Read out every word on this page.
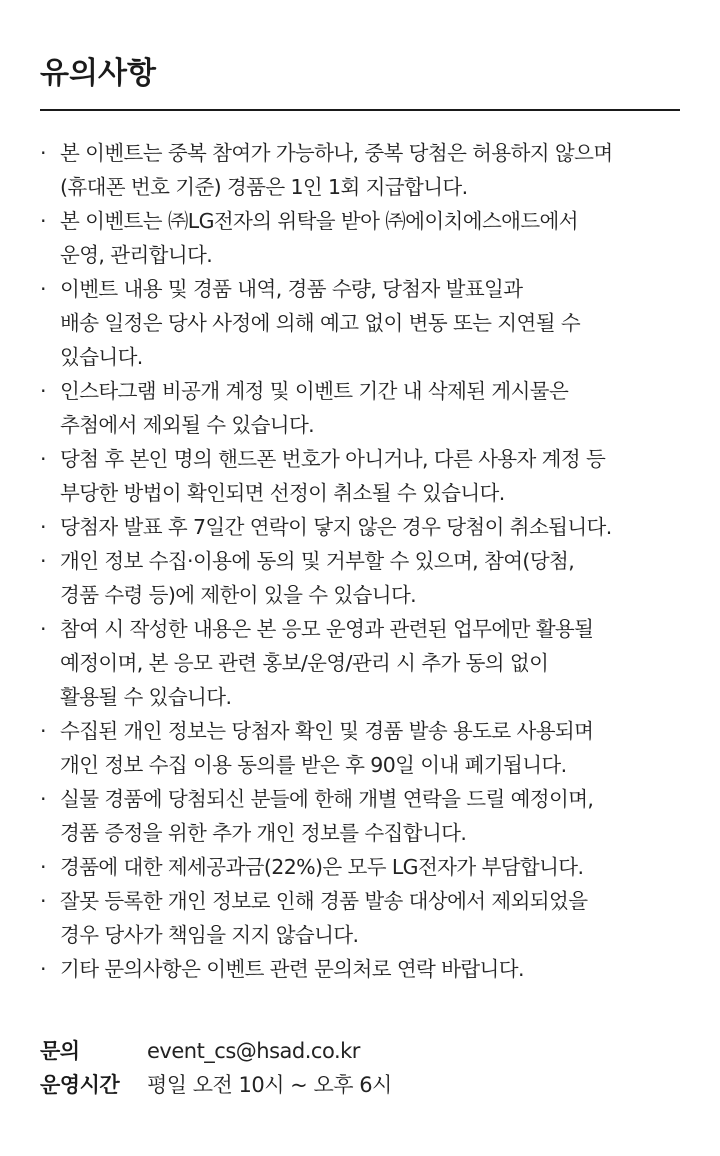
유의사항
· 본 이벤트는 중복 참여가 가능하나, 중복 당첨은 허용하지 않으며
(휴대폰 번호 기준) 경품은 1인 1회 지급합니다.
· 본 이벤트는 ㈜LG전자의 위탁을 받아 ㈜에이치에스애드에서
운영, 관리합니다.
· 이벤트 내용 및 경품 내역, 경품 수량, 당첨자 발표일과
배송 일정은 당사 사정에 의해 예고 없이 변동 또는 지연될 수
있습니다.
· 인스타그램 비공개 계정 및 이벤트 기간 내 삭제된 게시물은
추첨에서 제외될 수 있습니다.
· 당첨 후 본인 명의 핸드폰 번호가 아니거나, 다른 사용자 계정 등
부당한 방법이 확인되면 선정이 취소될 수 있습니다.
· 당첨자 발표 후 7일간 연락이 닿지 않은 경우 당첨이 취소됩니다.
· 개인 정보 수집·이용에 동의 및 거부할 수 있으며, 참여(당첨,
경품 수령 등)에 제한이 있을 수 있습니다.
· 참여 시 작성한 내용은 본 응모 운영과 관련된 업무에만 활용될
예정이며, 본 응모 관련 홍보/운영/관리 시 추가 동의 없이
활용될 수 있습니다.
· 수집된 개인 정보는 당첨자 확인 및 경품 발송 용도로 사용되며
개인 정보 수집 이용 동의를 받은 후 90일 이내 폐기됩니다.
· 실물 경품에 당첨되신 분들에 한해 개별 연락을 드릴 예정이며,
경품 증정을 위한 추가 개인 정보를 수집합니다.
· 경품에 대한 제세공과금(22%)은 모두 LG전자가 부담합니다.
· 잘못 등록한 개인 정보로 인해 경품 발송 대상에서 제외되었을
경우 당사가 책임을 지지 않습니다.
· 기타 문의사항은 이벤트 관련 문의처로 연락 바랍니다.
문의	event_cs@hsad.co.kr
운영시간	평일 오전 10시 ~ 오후 6시
